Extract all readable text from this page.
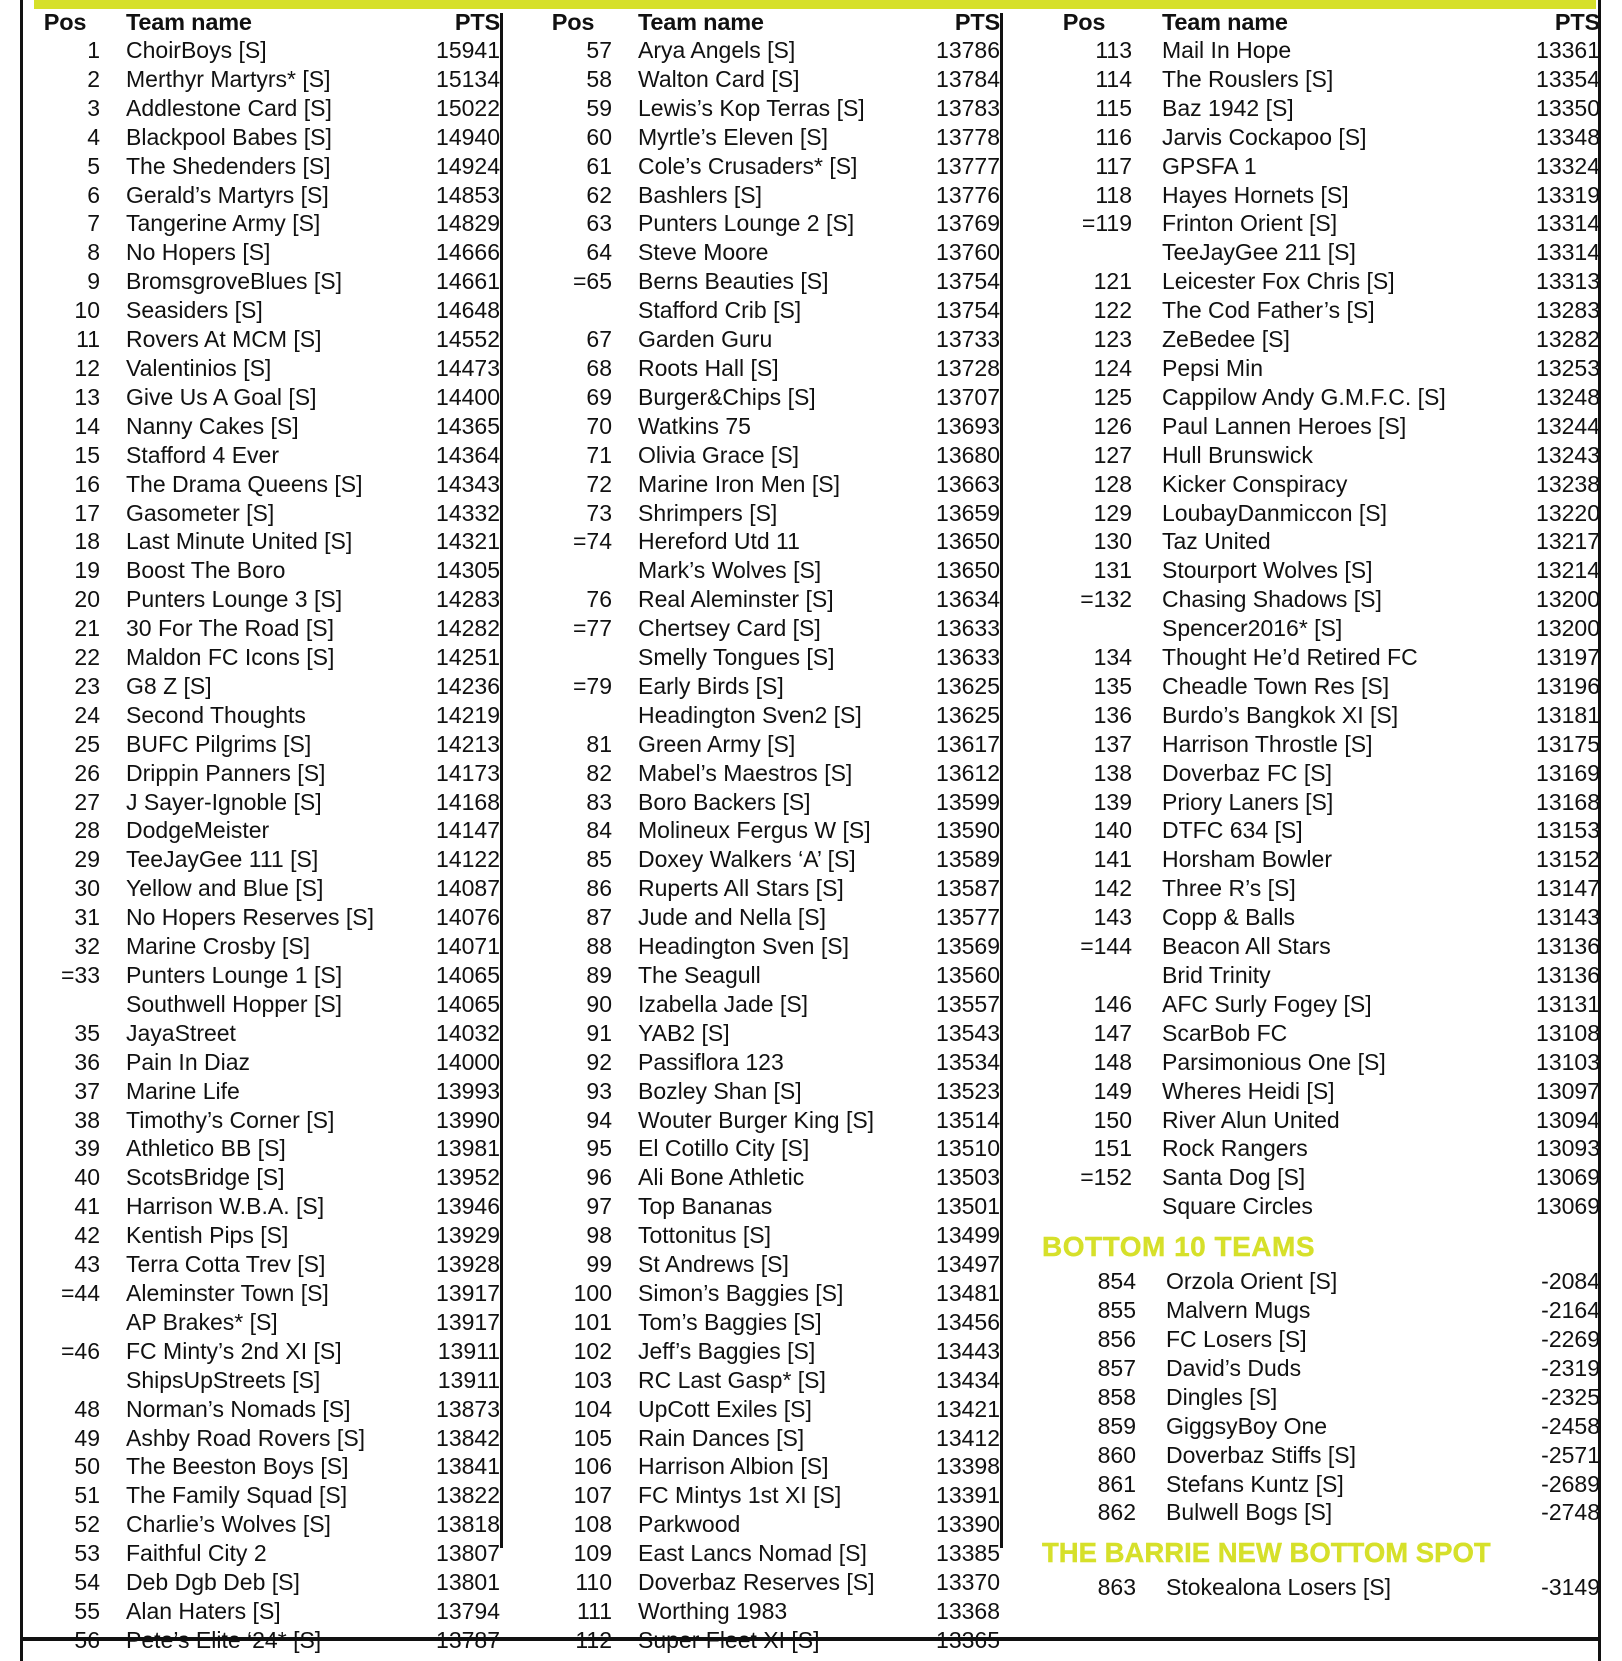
Pos	Team name	PTS
1	ChoirBoys [S]	15941
2	Merthyr Martyrs* [S]	15134
3	Addlestone Card [S]	15022
4	Blackpool Babes [S]	14940
5	The Shedenders [S]	14924
6	Gerald’s Martyrs [S]	14853
7	Tangerine Army [S]	14829
8	No Hopers [S]	14666
9	BromsgroveBlues [S]	14661
10	Seasiders [S]	14648
11	Rovers At MCM [S]	14552
12	Valentinios [S]	14473
13	Give Us A Goal [S]	14400
14	Nanny Cakes [S]	14365
15	Stafford 4 Ever	14364
16	The Drama Queens [S]	14343
17	Gasometer [S]	14332
18	Last Minute United [S]	14321
19	Boost The Boro	14305
20	Punters Lounge 3 [S]	14283
21	30 For The Road [S]	14282
22	Maldon FC Icons [S]	14251
23	G8 Z [S]	14236
24	Second Thoughts	14219
25	BUFC Pilgrims [S]	14213
26	Drippin Panners [S]	14173
27	J Sayer-Ignoble [S]	14168
28	DodgeMeister	14147
29	TeeJayGee 111 [S]	14122
30	Yellow and Blue [S]	14087
31	No Hopers Reserves [S]	14076
32	Marine Crosby [S]	14071
=33	Punters Lounge 1 [S]	14065
	Southwell Hopper [S]	14065
35	JayaStreet	14032
36	Pain In Diaz	14000
37	Marine Life	13993
38	Timothy’s Corner [S]	13990
39	Athletico BB [S]	13981
40	ScotsBridge [S]	13952
41	Harrison W.B.A. [S]	13946
42	Kentish Pips [S]	13929
43	Terra Cotta Trev [S]	13928
=44	Aleminster Town [S]	13917
	AP Brakes* [S]	13917
=46	FC Minty’s 2nd XI [S]	13911
	ShipsUpStreets [S]	13911
48	Norman’s Nomads [S]	13873
49	Ashby Road Rovers [S]	13842
50	The Beeston Boys [S]	13841
51	The Family Squad [S]	13822
52	Charlie’s Wolves [S]	13818
53	Faithful City 2	13807
54	Deb Dgb Deb [S]	13801
55	Alan Haters [S]	13794
56	Pete’s Elite ‘24* [S]	13787
Pos	Team name	PTS
57	Arya Angels [S]	13786
58	Walton Card [S]	13784
59	Lewis’s Kop Terras [S]	13783
60	Myrtle’s Eleven [S]	13778
61	Cole’s Crusaders* [S]	13777
62	Bashlers [S]	13776
63	Punters Lounge 2 [S]	13769
64	Steve Moore	13760
=65	Berns Beauties [S]	13754
	Stafford Crib [S]	13754
67	Garden Guru	13733
68	Roots Hall [S]	13728
69	Burger&Chips [S]	13707
70	Watkins 75	13693
71	Olivia Grace [S]	13680
72	Marine Iron Men [S]	13663
73	Shrimpers [S]	13659
=74	Hereford Utd 11	13650
	Mark’s Wolves [S]	13650
76	Real Aleminster [S]	13634
=77	Chertsey Card [S]	13633
	Smelly Tongues [S]	13633
=79	Early Birds [S]	13625
	Headington Sven2 [S]	13625
81	Green Army [S]	13617
82	Mabel’s Maestros [S]	13612
83	Boro Backers [S]	13599
84	Molineux Fergus W [S]	13590
85	Doxey Walkers ‘A’ [S]	13589
86	Ruperts All Stars [S]	13587
87	Jude and Nella [S]	13577
88	Headington Sven [S]	13569
89	The Seagull	13560
90	Izabella Jade [S]	13557
91	YAB2 [S]	13543
92	Passiflora 123	13534
93	Bozley Shan [S]	13523
94	Wouter Burger King [S]	13514
95	El Cotillo City [S]	13510
96	Ali Bone Athletic	13503
97	Top Bananas	13501
98	Tottonitus [S]	13499
99	St Andrews [S]	13497
100	Simon’s Baggies [S]	13481
101	Tom’s Baggies [S]	13456
102	Jeff’s Baggies [S]	13443
103	RC Last Gasp* [S]	13434
104	UpCott Exiles [S]	13421
105	Rain Dances [S]	13412
106	Harrison Albion [S]	13398
107	FC Mintys 1st XI [S]	13391
108	Parkwood	13390
109	East Lancs Nomad [S]	13385
110	Doverbaz Reserves [S]	13370
111	Worthing 1983	13368
112	Super Fleet XI [S]	13365
Pos	Team name	PTS
113	Mail In Hope	13361
114	The Rouslers [S]	13354
115	Baz 1942 [S]	13350
116	Jarvis Cockapoo [S]	13348
117	GPSFA 1	13324
118	Hayes Hornets [S]	13319
=119	Frinton Orient [S]	13314
	TeeJayGee 211 [S]	13314
121	Leicester Fox Chris [S]	13313
122	The Cod Father’s [S]	13283
123	ZeBedee [S]	13282
124	Pepsi Min	13253
125	Cappilow Andy G.M.F.C. [S]	13248
126	Paul Lannen Heroes [S]	13244
127	Hull Brunswick	13243
128	Kicker Conspiracy	13238
129	LoubayDanmiccon [S]	13220
130	Taz United	13217
131	Stourport Wolves [S]	13214
=132	Chasing Shadows [S]	13200
	Spencer2016* [S]	13200
134	Thought He’d Retired FC	13197
135	Cheadle Town Res [S]	13196
136	Burdo’s Bangkok XI [S]	13181
137	Harrison Throstle [S]	13175
138	Doverbaz FC [S]	13169
139	Priory Laners [S]	13168
140	DTFC 634 [S]	13153
141	Horsham Bowler	13152
142	Three R’s [S]	13147
143	Copp & Balls	13143
=144	Beacon All Stars	13136
	Brid Trinity	13136
146	AFC Surly Fogey [S]	13131
147	ScarBob FC	13108
148	Parsimonious One [S]	13103
149	Wheres Heidi [S]	13097
150	River Alun United	13094
151	Rock Rangers	13093
=152	Santa Dog [S]	13069
	Square Circles	13069
BOTTOM 10 TEAMS
854	Orzola Orient [S]	-2084
855	Malvern Mugs	-2164
856	FC Losers [S]	-2269
857	David’s Duds	-2319
858	Dingles [S]	-2325
859	GiggsyBoy One	-2458
860	Doverbaz Stiffs [S]	-2571
861	Stefans Kuntz [S]	-2689
862	Bulwell Bogs [S]	-2748
THE BARRIE NEW BOTTOM SPOT
863	Stokealona Losers [S]	-3149
